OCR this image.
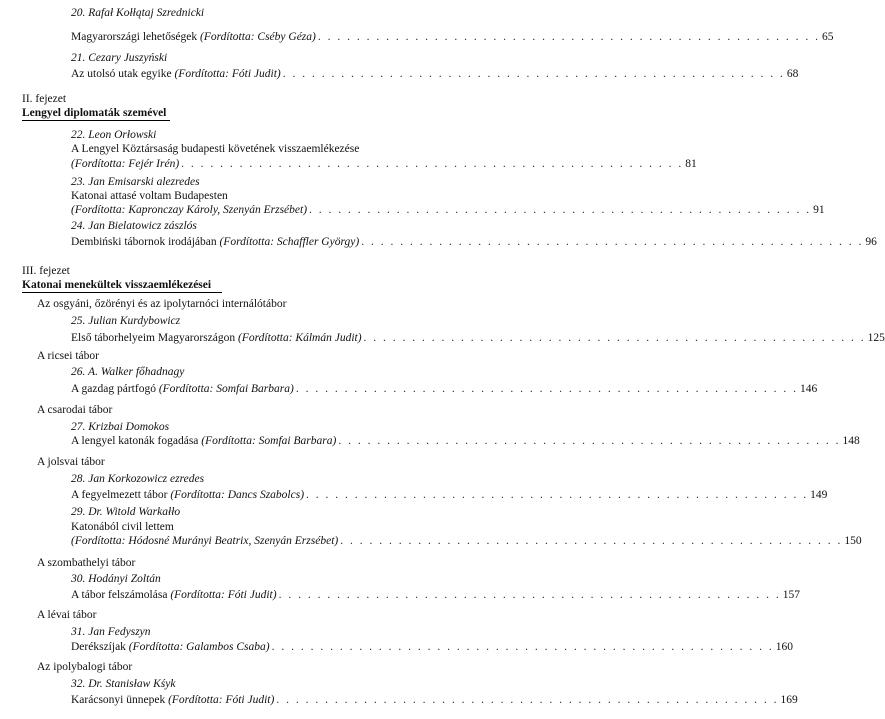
20. Rafał Kołłątaj Szrednicki
Magyarországi lehetőségek (Fordította: Cséby Géza) . . . . . . . . . . . . . . . . . . . . . . . . . . . . . . . . . . . . . . . . . . . . . . . . . . . . 65
21. Cezary Juszyński
Az utolsó utak egyike (Fordította: Fóti Judit) . . . . . . . . . . . . . . . . . . . . . . . . . . . . . . . . . . . . . . . . . . . . . . . . . . . . 68
II. fejezet
Lengyel diplomaták szemével
22. Leon Orłowski
A Lengyel Köztársaság budapesti követének visszaemlékezése
(Fordította: Fejér Irén) . . . . . . . . . . . . . . . . . . . . . . . . . . . . . . . . . . . . . . . . . . . . . . . . . . . . 81
23. Jan Emisarski alezredes
Katonai attasé voltam Budapesten
(Fordította: Kapronczay Károly, Szenyán Erzsébet) . . . . . . . . . . . . . . . . . . . . . . . . . . . . . . . . . . . . . . . . . . . . . . . . . . . . 91
24. Jan Bielatowicz zászlós
Dembiński tábornok irodájában (Fordította: Schaffler György) . . . . . . . . . . . . . . . . . . . . . . . . . . . . . . . . . . . . . . . . . . . . . . . . . . . . 96
III. fejezet
Katonai menekültek visszaemlékezései
Az osgyáni, őzörényi és az ipolytarnóci internálótábor
25. Julian Kurdybowicz
Első táborhelyeim Magyarországon (Fordította: Kálmán Judit) . . . . . . . . . . . . . . . . . . . . . . . . . . . . . . . . . . . . . . . . . . . . . . . . . . . . 125
A ricsei tábor
26. A. Walker főhadnagy
A gazdag pártfogó (Fordította: Somfai Barbara) . . . . . . . . . . . . . . . . . . . . . . . . . . . . . . . . . . . . . . . . . . . . . . . . . . . . 146
A csarodai tábor
27. Krizbai Domokos
A lengyel katonák fogadása (Fordította: Somfai Barbara) . . . . . . . . . . . . . . . . . . . . . . . . . . . . . . . . . . . . . . . . . . . . . . . . . . . . 148
A jolsvai tábor
28. Jan Korkozowicz ezredes
A fegyelmezett tábor (Fordította: Dancs Szabolcs) . . . . . . . . . . . . . . . . . . . . . . . . . . . . . . . . . . . . . . . . . . . . . . . . . . . . 149
29. Dr. Witold Warkałło
Katonából civil lettem
(Fordította: Hódosné Murányi Beatrix, Szenyán Erzsébet) . . . . . . . . . . . . . . . . . . . . . . . . . . . . . . . . . . . . . . . . . . . . . . . . . . . . 150
A szombathelyi tábor
30. Hodányi Zoltán
A tábor felszámolása (Fordította: Fóti Judit) . . . . . . . . . . . . . . . . . . . . . . . . . . . . . . . . . . . . . . . . . . . . . . . . . . . . 157
A lévai tábor
31. Jan Fedyszyn
Derékszíjak (Fordította: Galambos Csaba) . . . . . . . . . . . . . . . . . . . . . . . . . . . . . . . . . . . . . . . . . . . . . . . . . . . . 160
Az ipolybalogi tábor
32. Dr. Stanisław Kśyk
Karácsonyi ünnepek (Fordította: Fóti Judit) . . . . . . . . . . . . . . . . . . . . . . . . . . . . . . . . . . . . . . . . . . . . . . . . . . . . 169
